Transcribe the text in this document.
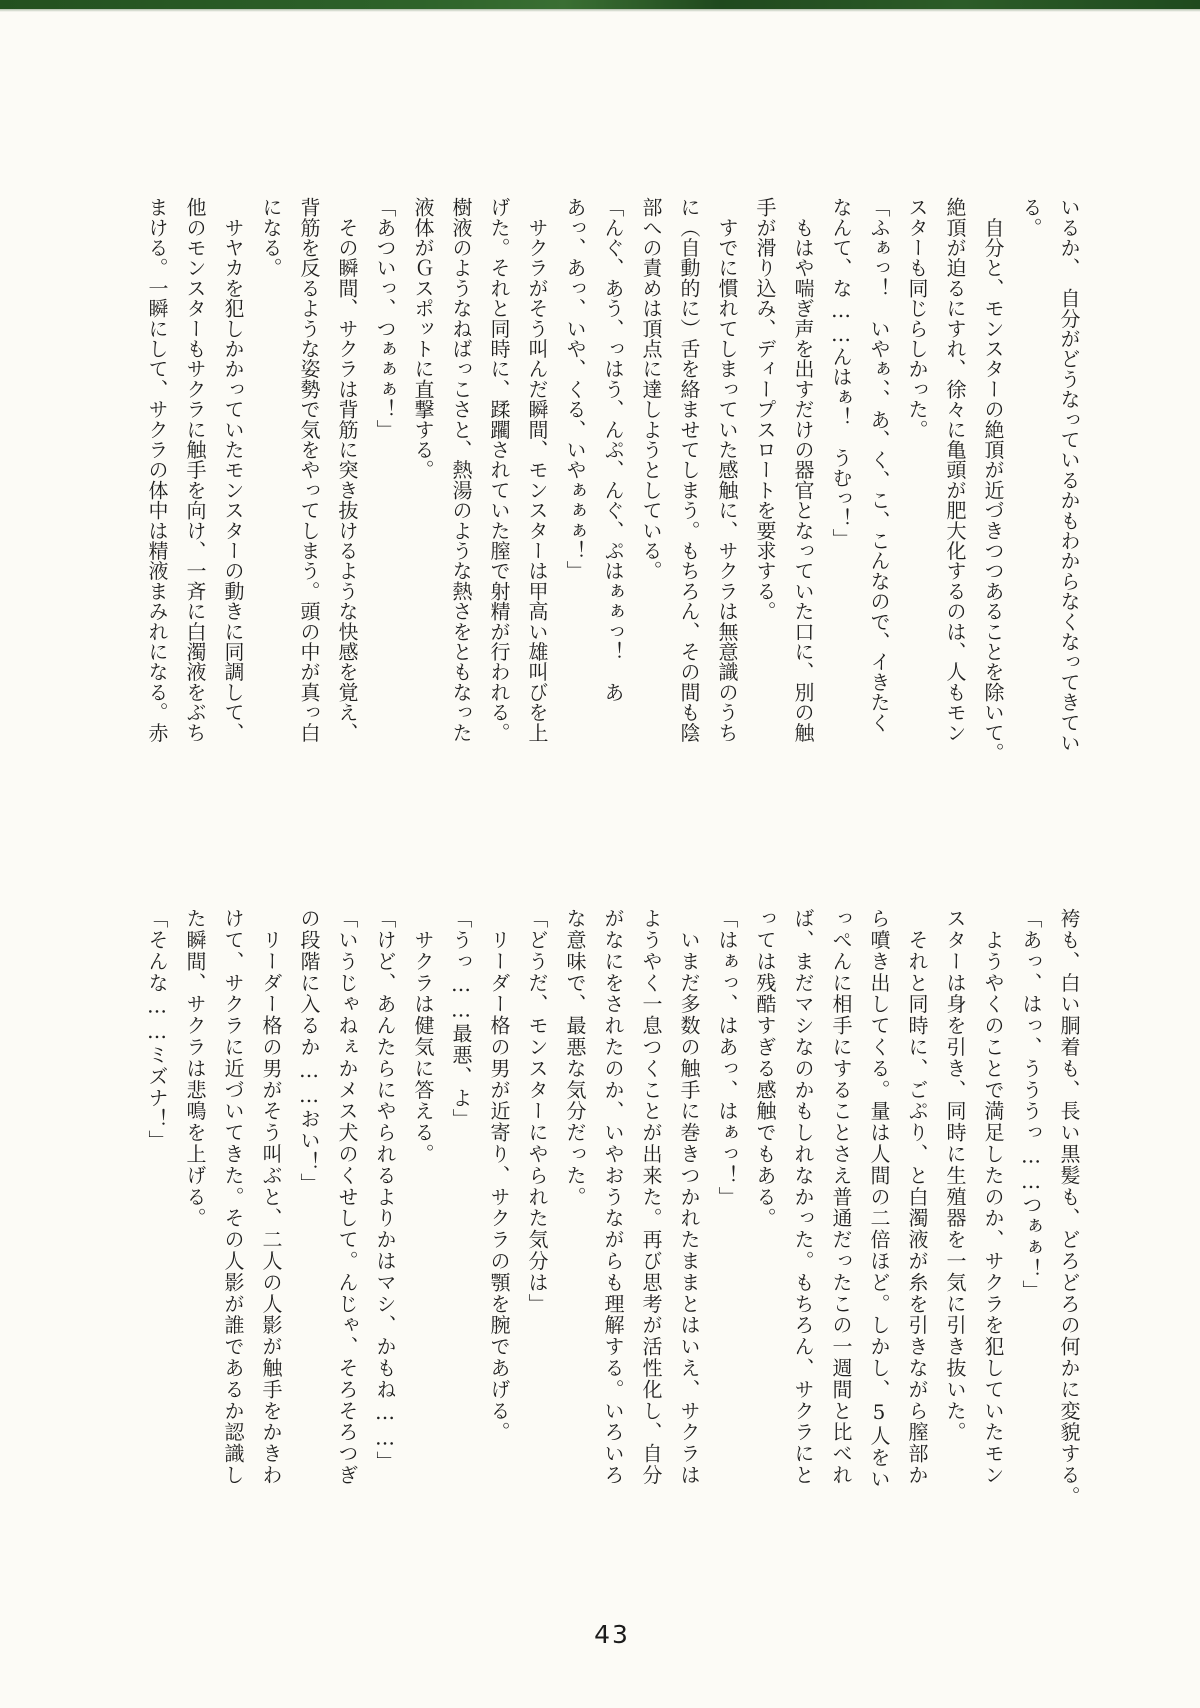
いるか、　自分がどうなっているかもわからなくなってきてい
る。
　自分と、モンスターの絶頂が近づきつつあることを除いて。
絶頂が迫るにすれ、徐々に亀頭が肥大化するのは、人もモン
スターも同じらしかった。
「ふぁっ！　いやぁ、、あ、く、こ、こんなので、イきたく
なんて、な……んはぁ！　うむっ！」
　もはや喘ぎ声を出すだけの器官となっていた口に、別の触
手が滑り込み、ディープスロートを要求する。
　すでに慣れてしまっていた感触に、サクラは無意識のうち
に（自動的に）舌を絡ませてしまう。もちろん、その間も陰
部への責めは頂点に達しようとしている。
「んぐ、あう、っはう、んぷ、んぐ、ぷはぁぁっ！　あ
あっ、あっ、いや、くる、いやぁぁぁ！」
　サクラがそう叫んだ瞬間、モンスターは甲高い雄叫びを上
げた。それと同時に、蹂躙されていた膣で射精が行われる。
樹液のようなねばっこさと、熱湯のような熱さをともなった
液体がＧスポットに直撃する。
「あついっ、つぁぁぁ！」
　その瞬間、サクラは背筋に突き抜けるような快感を覚え、
背筋を反るような姿勢で気をやってしまう。頭の中が真っ白
になる。
　サヤカを犯しかかっていたモンスターの動きに同調して、
他のモンスターもサクラに触手を向け、一斉に白濁液をぶち
まける。一瞬にして、サクラの体中は精液まみれになる。赤
袴も、白い胴着も、長い黒髪も、どろどろの何かに変貌する。
「あっ、はっ、うううっ……つぁぁ！」
　ようやくのことで満足したのか、サクラを犯していたモン
スターは身を引き、同時に生殖器を一気に引き抜いた。
　それと同時に、ごぷり、と白濁液が糸を引きながら膣部か
ら噴き出してくる。量は人間の二倍ほど。しかし、5人をい
っぺんに相手にすることさえ普通だったこの一週間と比べれ
ば、まだマシなのかもしれなかった。もちろん、サクラにと
っては残酷すぎる感触でもある。
「はぁっ、はあっ、はぁっ！」
　いまだ多数の触手に巻きつかれたままとはいえ、サクラは
ようやく一息つくことが出来た。再び思考が活性化し、自分
がなにをされたのか、いやおうながらも理解する。いろいろ
な意味で、最悪な気分だった。
「どうだ、モンスターにやられた気分は」
　リーダー格の男が近寄り、サクラの顎を腕であげる。
「うっ……最悪、よ」
　サクラは健気に答える。
「けど、あんたらにやられるよりかはマシ、かもね……」
「いうじゃねぇかメス犬のくせして。んじゃ、そろそろつぎ
の段階に入るか……おい！」
　リーダー格の男がそう叫ぶと、二人の人影が触手をかきわ
けて、サクラに近づいてきた。その人影が誰であるか認識し
た瞬間、サクラは悲鳴を上げる。
「そんな……ミズナ！」
43
